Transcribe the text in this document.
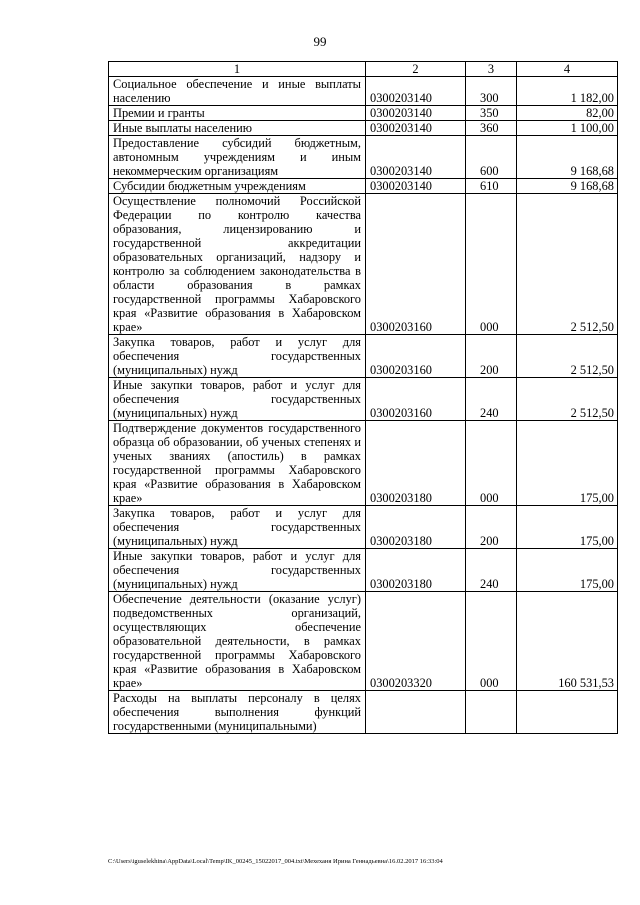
99
1	2	3	4
Социальное обеспечение и иные выплаты населению	0300203140	300	1 182,00
Премии и гранты	0300203140	350	82,00
Иные выплаты населению	0300203140	360	1 100,00
Предоставление субсидий бюджетным, автономным учреждениям и иным некоммерческим организациям	0300203140	600	9 168,68
Субсидии бюджетным учреждениям	0300203140	610	9 168,68
Осуществление полномочий Российской Федерации по контролю качества образования, лицензированию и государственной аккредитации образовательных организаций, надзору и контролю за соблюдением законодательства в области образования в рамках государственной программы Хабаровского края «Развитие образования в Хабаровском крае»	0300203160	000	2 512,50
Закупка товаров, работ и услуг для обеспечения государственных (муниципальных) нужд	0300203160	200	2 512,50
Иные закупки товаров, работ и услуг для обеспечения государственных (муниципальных) нужд	0300203160	240	2 512,50
Подтверждение документов государственного образца об образовании, об ученых степенях и ученых званиях (апостиль) в рамках государственной программы Хабаровского края «Развитие образования в Хабаровском крае»	0300203180	000	175,00
Закупка товаров, работ и услуг для обеспечения государственных (муниципальных) нужд	0300203180	200	175,00
Иные закупки товаров, работ и услуг для обеспечения государственных (муниципальных) нужд	0300203180	240	175,00
Обеспечение деятельности (оказание услуг) подведомственных организаций, осуществляющих обеспечение образовательной деятельности, в рамках государственной программы Хабаровского края «Развитие образования в Хабаровском крае»	0300203320	000	160 531,53
Расходы на выплаты персоналу в целях обеспечения выполнения функций государственными (муниципальными)			
C:\Users\iguselekhina\AppData\Local\Temp\IK_00245_15022017_004.txt\Мехеханя Ирина Геннадьевна\16.02.2017 16:33:04
